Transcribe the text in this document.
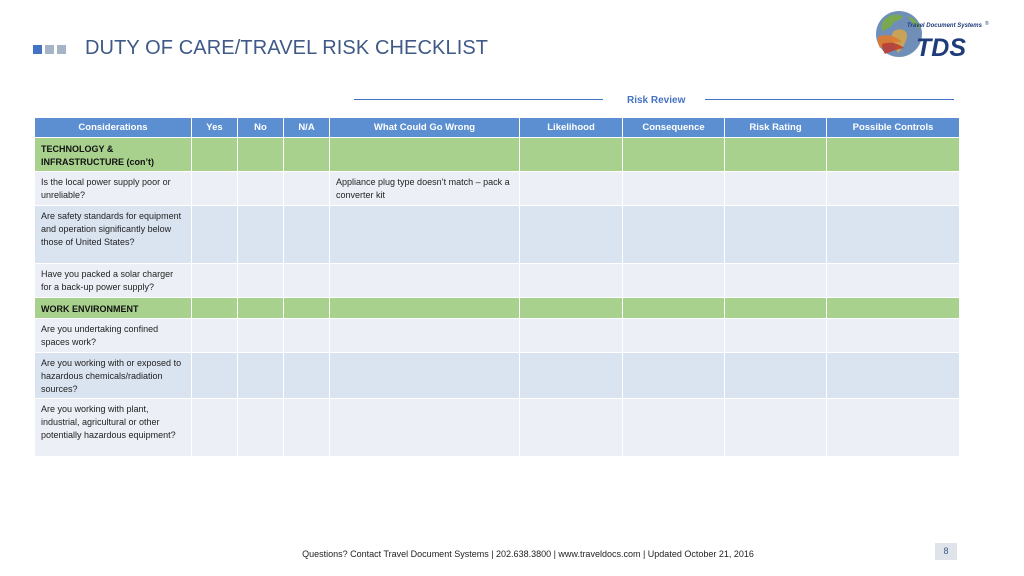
DUTY OF CARE/TRAVEL RISK CHECKLIST
Travel Document Systems ®
TDS
Risk Review
Considerations	Yes	No	N/A	What Could Go Wrong	Likelihood	Consequence	Risk Rating	Possible Controls
TECHNOLOGY & INFRASTRUCTURE (con’t)								
Is the local power supply poor or unreliable?				Appliance plug type doesn’t match – pack a converter kit				
Are safety standards for equipment and operation significantly below those of United States?								
Have you packed a solar charger for a back-up power supply?								
WORK ENVIRONMENT								
Are you undertaking confined spaces work?								
Are you working with or exposed to hazardous chemicals/radiation sources?								
Are you working with plant, industrial, agricultural or other potentially hazardous equipment?								
Questions? Contact Travel Document Systems | 202.638.3800 | www.traveldocs.com | Updated October 21, 2016	8
